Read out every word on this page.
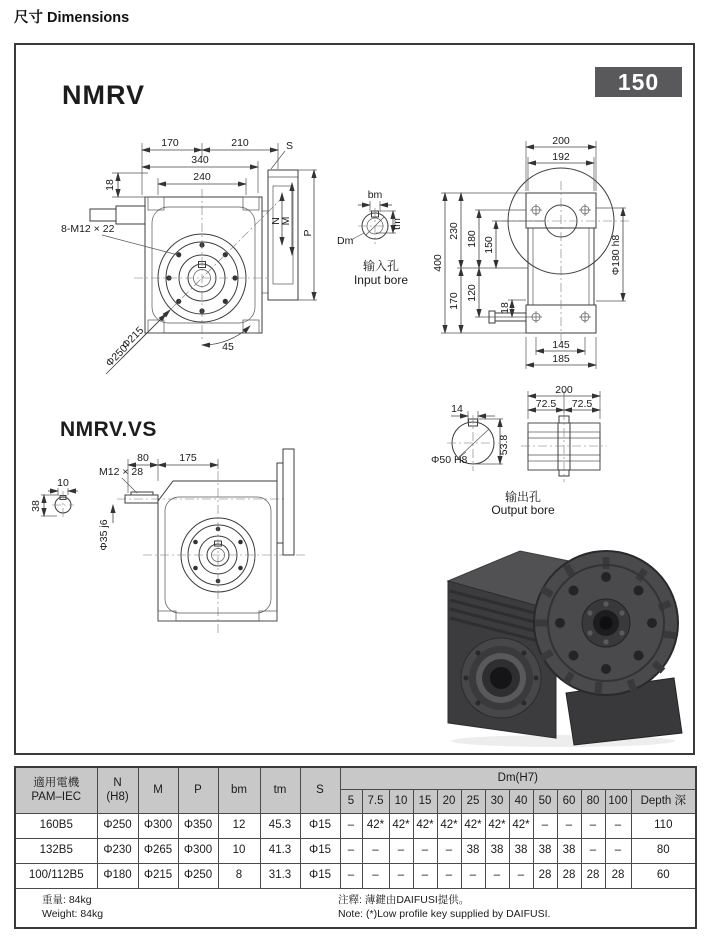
尺寸 Dimensions
NMRV	150
NMRV.VS
170	210	S
340
240
18
8-M12 × 22
Φ215
Φ250	45
N
M
P
bm
tm
Dm
输入孔
Input bore
200
192
400
230
170
180
120
150
18
Φ180 h8
145
185
Φ50 H8
14
53.8
200
72.5 72.5
输出孔
Output bore
80	175
M12 × 28
10
38
Φ35 j6
適用電機
PAM–IEC	N
(H8)	M	P	bm	tm	S	Dm(H7)												
							5	7.5	10	15	20	25	30	40	50	60	80	100	Depth 深
160B5	Φ250	Φ300	Φ350	12	45.3	Φ15	–	42*	42*	42*	42*	42*	42*	42*	–	–	–	–	110
132B5	Φ230	Φ265	Φ300	10	41.3	Φ15	–	–	–	–	–	38	38	38	38	38	–	–	80
100/112B5	Φ180	Φ215	Φ250	8	31.3	Φ15	–	–	–	–	–	–	–	–	28	28	28	28	60

重量: 84kg
Weight: 84kg
注釋: 薄鍵由DAIFUSI提供。
Note: (*)Low profile key supplied by DAIFUSI.																			
